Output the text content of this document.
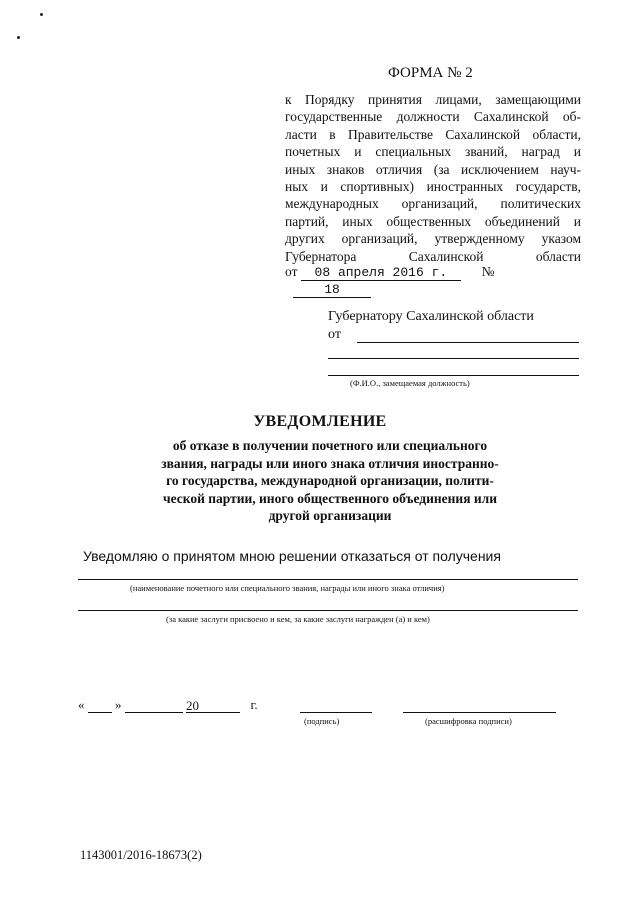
ФОРМА № 2
к Порядку принятия лицами, замещающими
государственные должности Сахалинской об-
ласти в Правительстве Сахалинской области,
почетных и специальных званий, наград и
иных знаков отличия (за исключением науч-
ных и спортивных) иностранных государств,
международных организаций, политических
партий, иных общественных объединений и
других организаций, утвержденному указом
Губернатора Сахалинской области
от 08 апреля 2016 г.	№ 18
Губернатору Сахалинской области
от
(Ф.И.О., замещаемая должность)
УВЕДОМЛЕНИЕ
об отказе в получении почетного или специального
звания, награды или иного знака отличия иностранно-
го государства, международной организации, полити-
ческой партии, иного общественного объединения или
другой организации
Уведомляю о принятом мною решении отказаться от получения
(наименование почетного или специального звания, награды или иного знака отличия)
(за какие заслуги присвоено и кем, за какие заслуги награжден (а) и кем)
« »	20	г.
(подпись)	(расшифровка подписи)
1143001/2016-18673(2)
